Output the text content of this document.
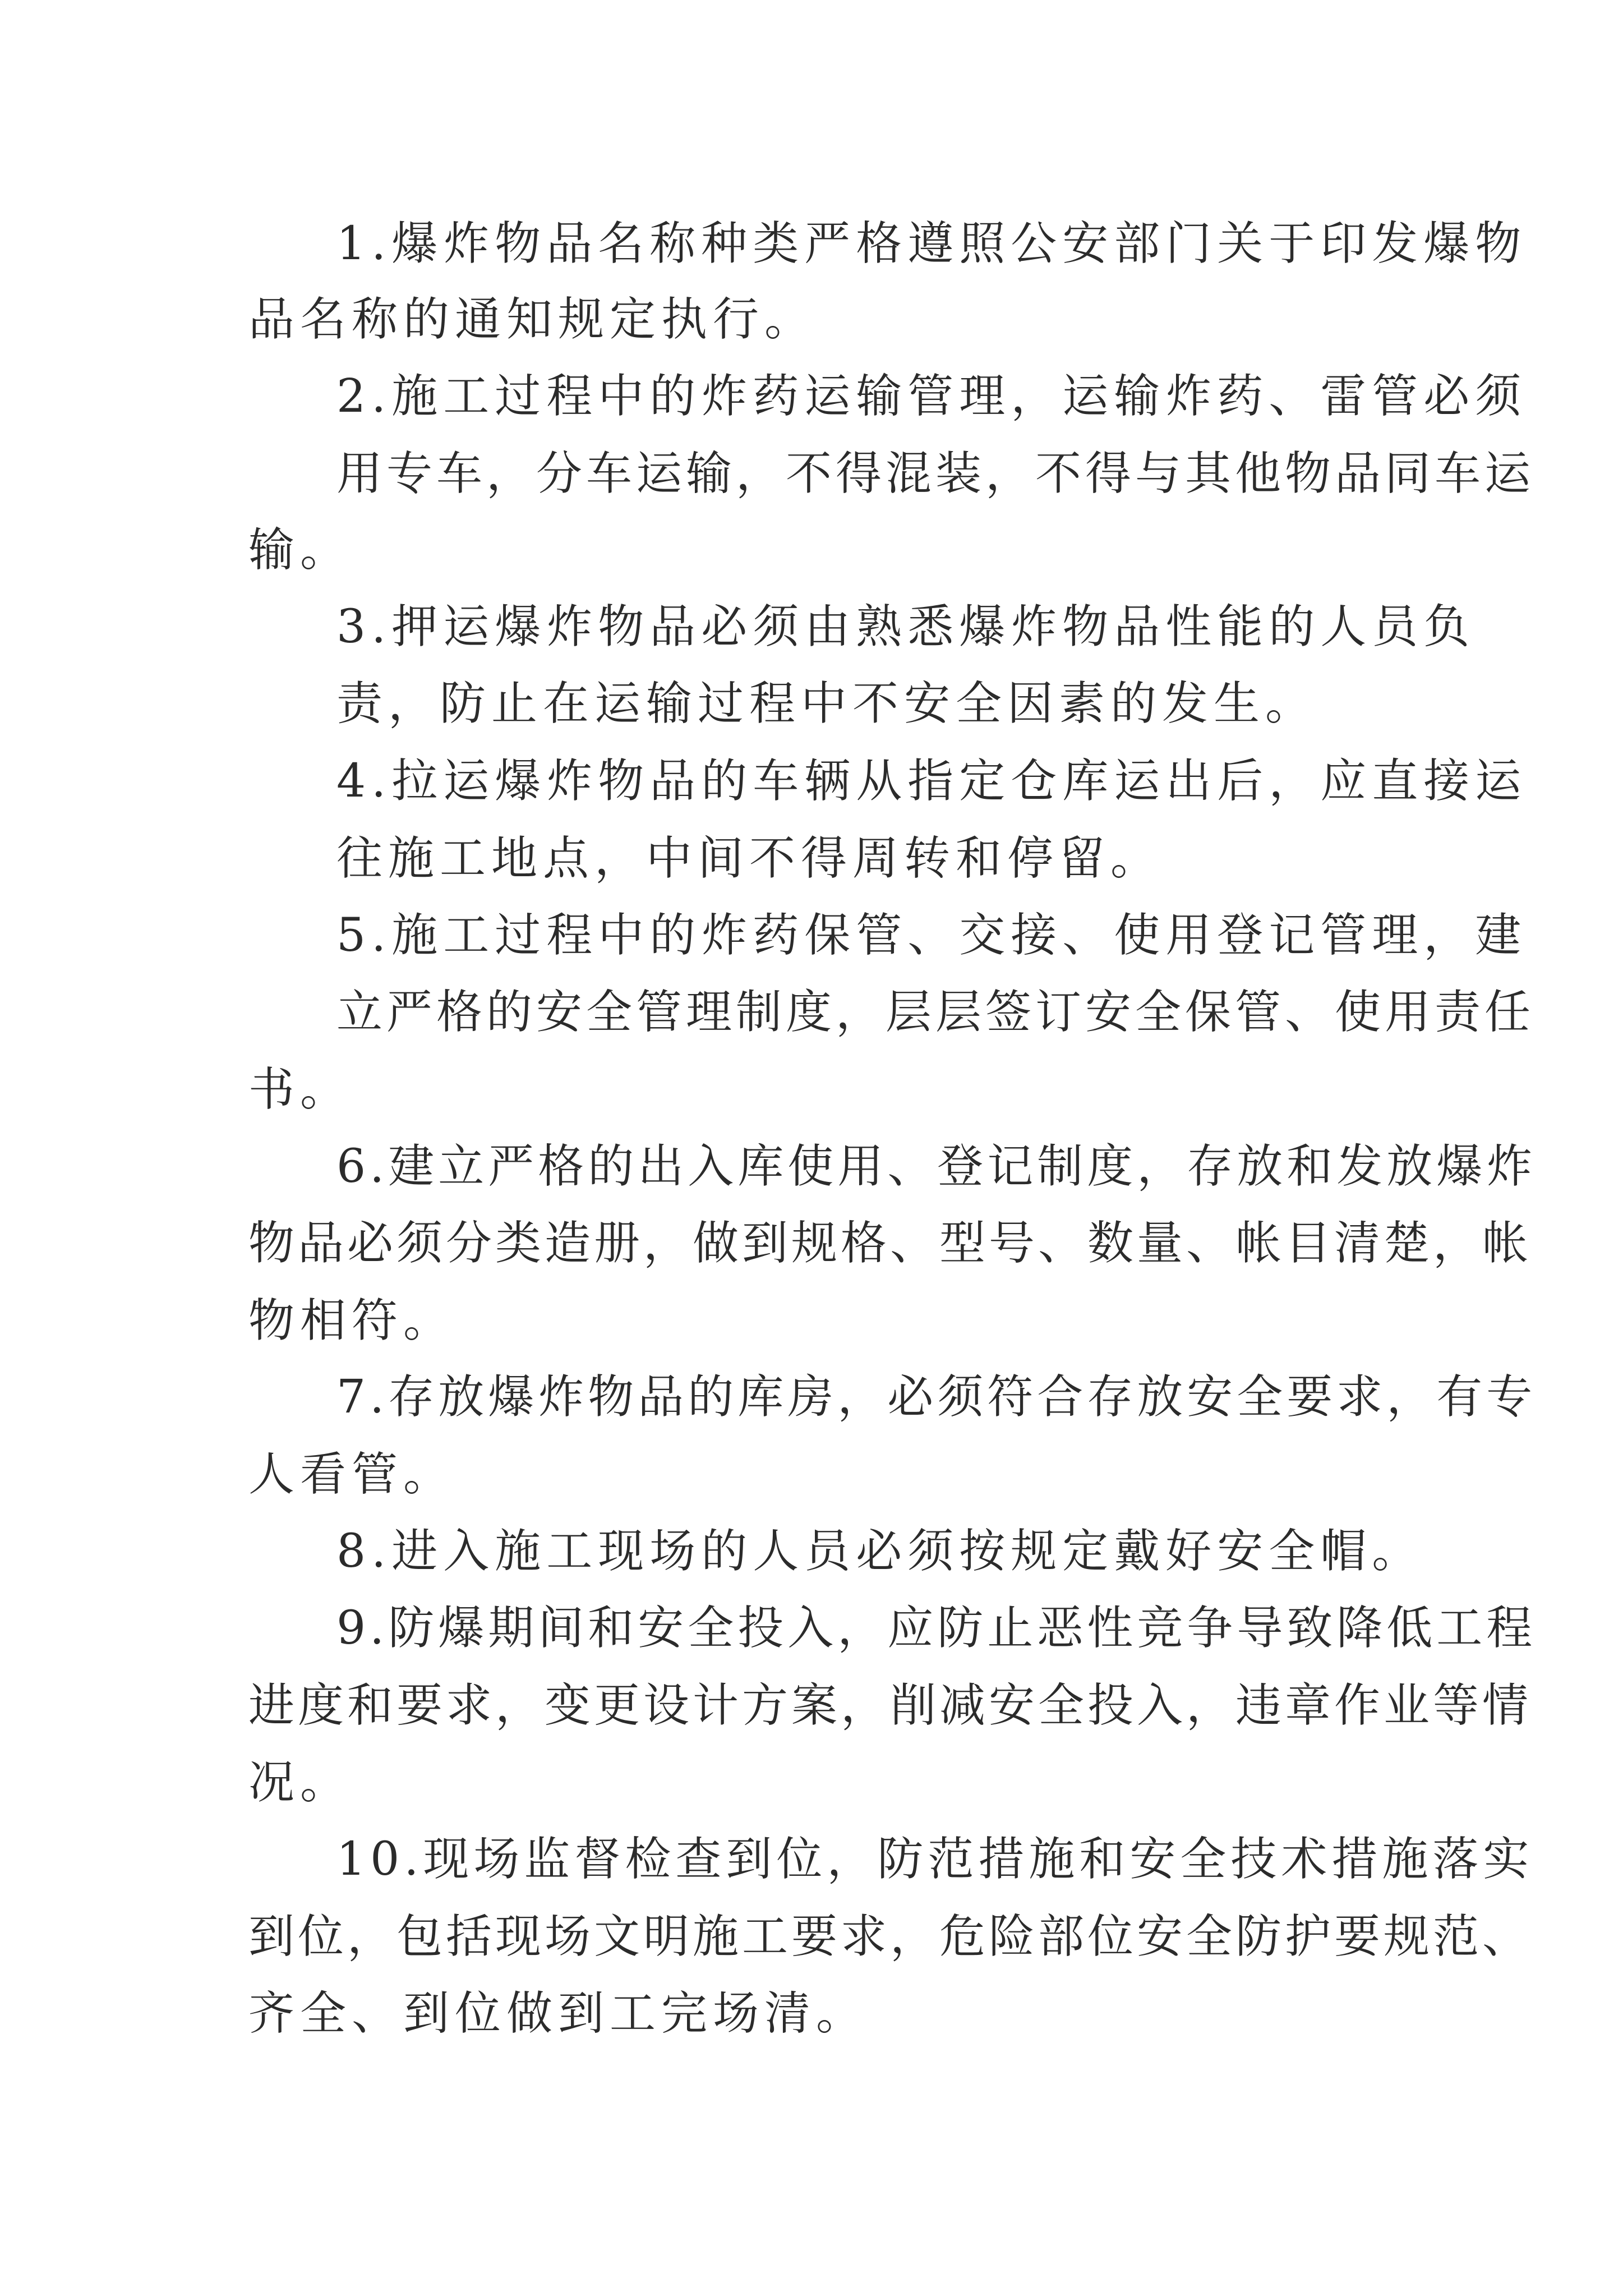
1.爆炸物品名称种类严格遵照公安部门关于印发爆物

品名称的通知规定执行。

2.施工过程中的炸药运输管理，运输炸药、雷管必须

用专车，分车运输，不得混装，不得与其他物品同车运

输。

3.押运爆炸物品必须由熟悉爆炸物品性能的人员负

责，防止在运输过程中不安全因素的发生。

4.拉运爆炸物品的车辆从指定仓库运出后，应直接运

往施工地点，中间不得周转和停留。

5.施工过程中的炸药保管、交接、使用登记管理，建

立严格的安全管理制度，层层签订安全保管、使用责任

书。

6.建立严格的出入库使用、登记制度，存放和发放爆炸

物品必须分类造册，做到规格、型号、数量、帐目清楚，帐

物相符。

7.存放爆炸物品的库房，必须符合存放安全要求，有专

人看管。

8.进入施工现场的人员必须按规定戴好安全帽。

9.防爆期间和安全投入，应防止恶性竞争导致降低工程

进度和要求，变更设计方案，削减安全投入，违章作业等情

况。

10.现场监督检查到位，防范措施和安全技术措施落实

到位，包括现场文明施工要求，危险部位安全防护要规范、

齐全、到位做到工完场清。
